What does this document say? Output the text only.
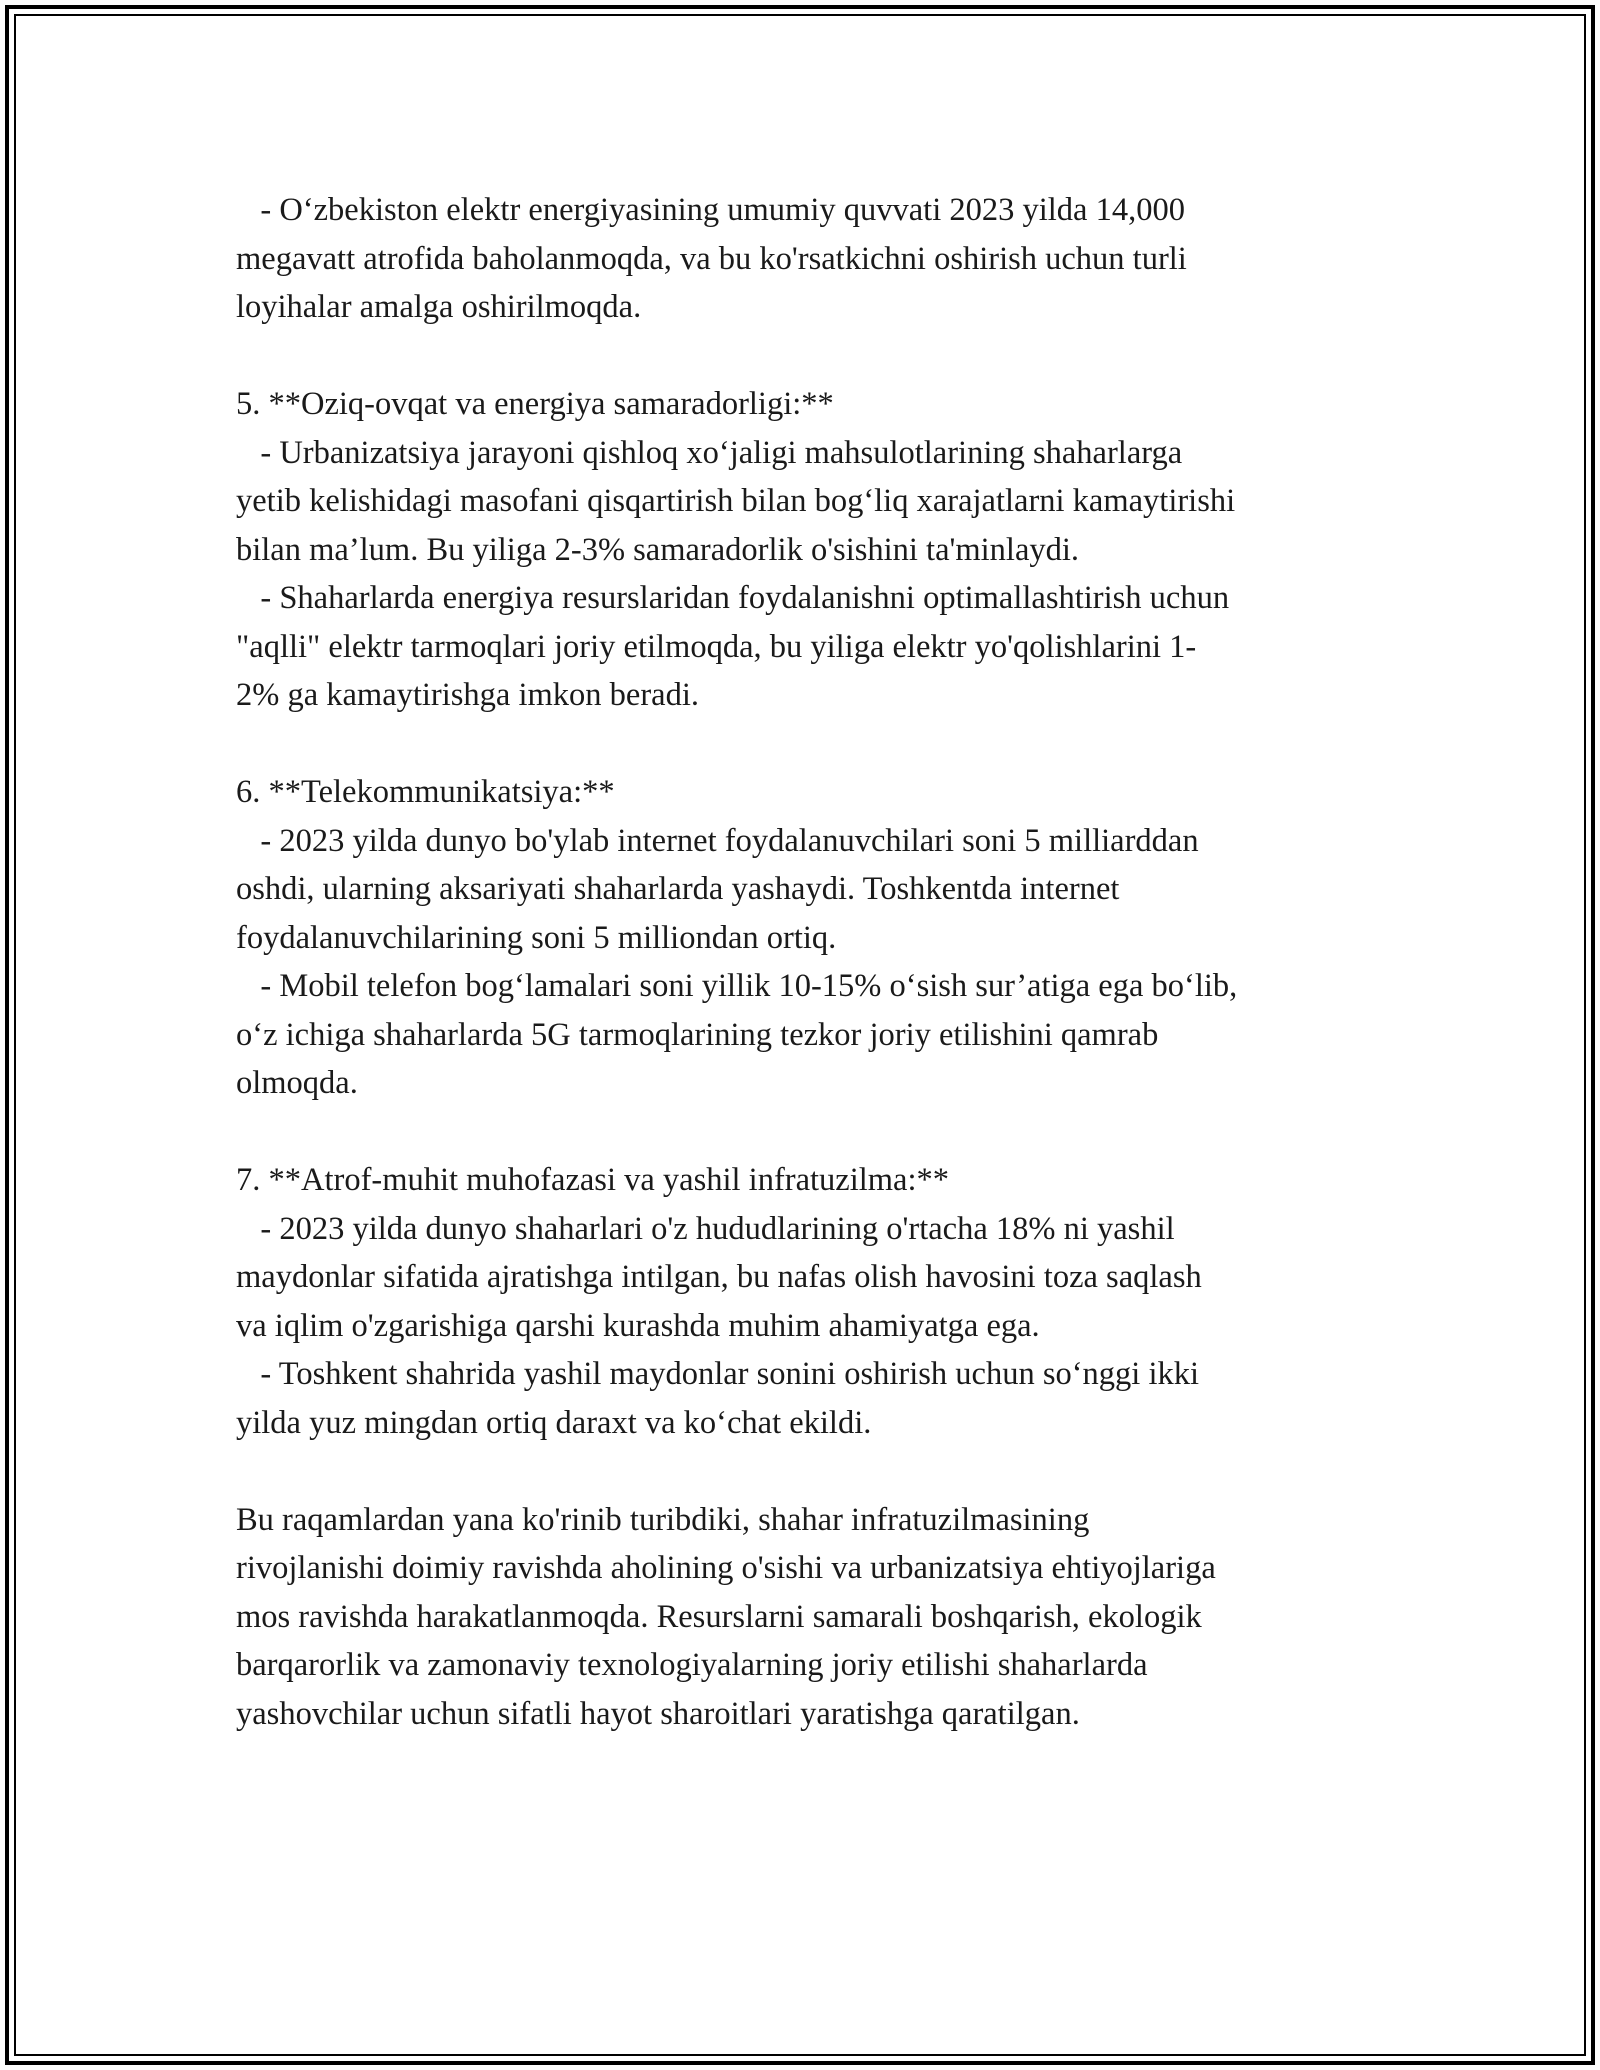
- O‘zbekiston elektr energiyasining umumiy quvvati 2023 yilda 14,000
megavatt atrofida baholanmoqda, va bu ko'rsatkichni oshirish uchun turli
loyihalar amalga oshirilmoqda.
5. **Oziq-ovqat va energiya samaradorligi:**
- Urbanizatsiya jarayoni qishloq xo‘jaligi mahsulotlarining shaharlarga
yetib kelishidagi masofani qisqartirish bilan bog‘liq xarajatlarni kamaytirishi
bilan ma’lum. Bu yiliga 2-3% samaradorlik o'sishini ta'minlaydi.
- Shaharlarda energiya resurslaridan foydalanishni optimallashtirish uchun
"aqlli" elektr tarmoqlari joriy etilmoqda, bu yiliga elektr yo'qolishlarini 1-
2% ga kamaytirishga imkon beradi.
6. **Telekommunikatsiya:**
- 2023 yilda dunyo bo'ylab internet foydalanuvchilari soni 5 milliarddan
oshdi, ularning aksariyati shaharlarda yashaydi. Toshkentda internet
foydalanuvchilarining soni 5 milliondan ortiq.
- Mobil telefon bog‘lamalari soni yillik 10-15% o‘sish sur’atiga ega bo‘lib,
o‘z ichiga shaharlarda 5G tarmoqlarining tezkor joriy etilishini qamrab
olmoqda.
7. **Atrof-muhit muhofazasi va yashil infratuzilma:**
- 2023 yilda dunyo shaharlari o'z hududlarining o'rtacha 18% ni yashil
maydonlar sifatida ajratishga intilgan, bu nafas olish havosini toza saqlash
va iqlim o'zgarishiga qarshi kurashda muhim ahamiyatga ega.
- Toshkent shahrida yashil maydonlar sonini oshirish uchun so‘nggi ikki
yilda yuz mingdan ortiq daraxt va ko‘chat ekildi.
Bu raqamlardan yana ko'rinib turibdiki, shahar infratuzilmasining
rivojlanishi doimiy ravishda aholining o'sishi va urbanizatsiya ehtiyojlariga
mos ravishda harakatlanmoqda. Resurslarni samarali boshqarish, ekologik
barqarorlik va zamonaviy texnologiyalarning joriy etilishi shaharlarda
yashovchilar uchun sifatli hayot sharoitlari yaratishga qaratilgan.
